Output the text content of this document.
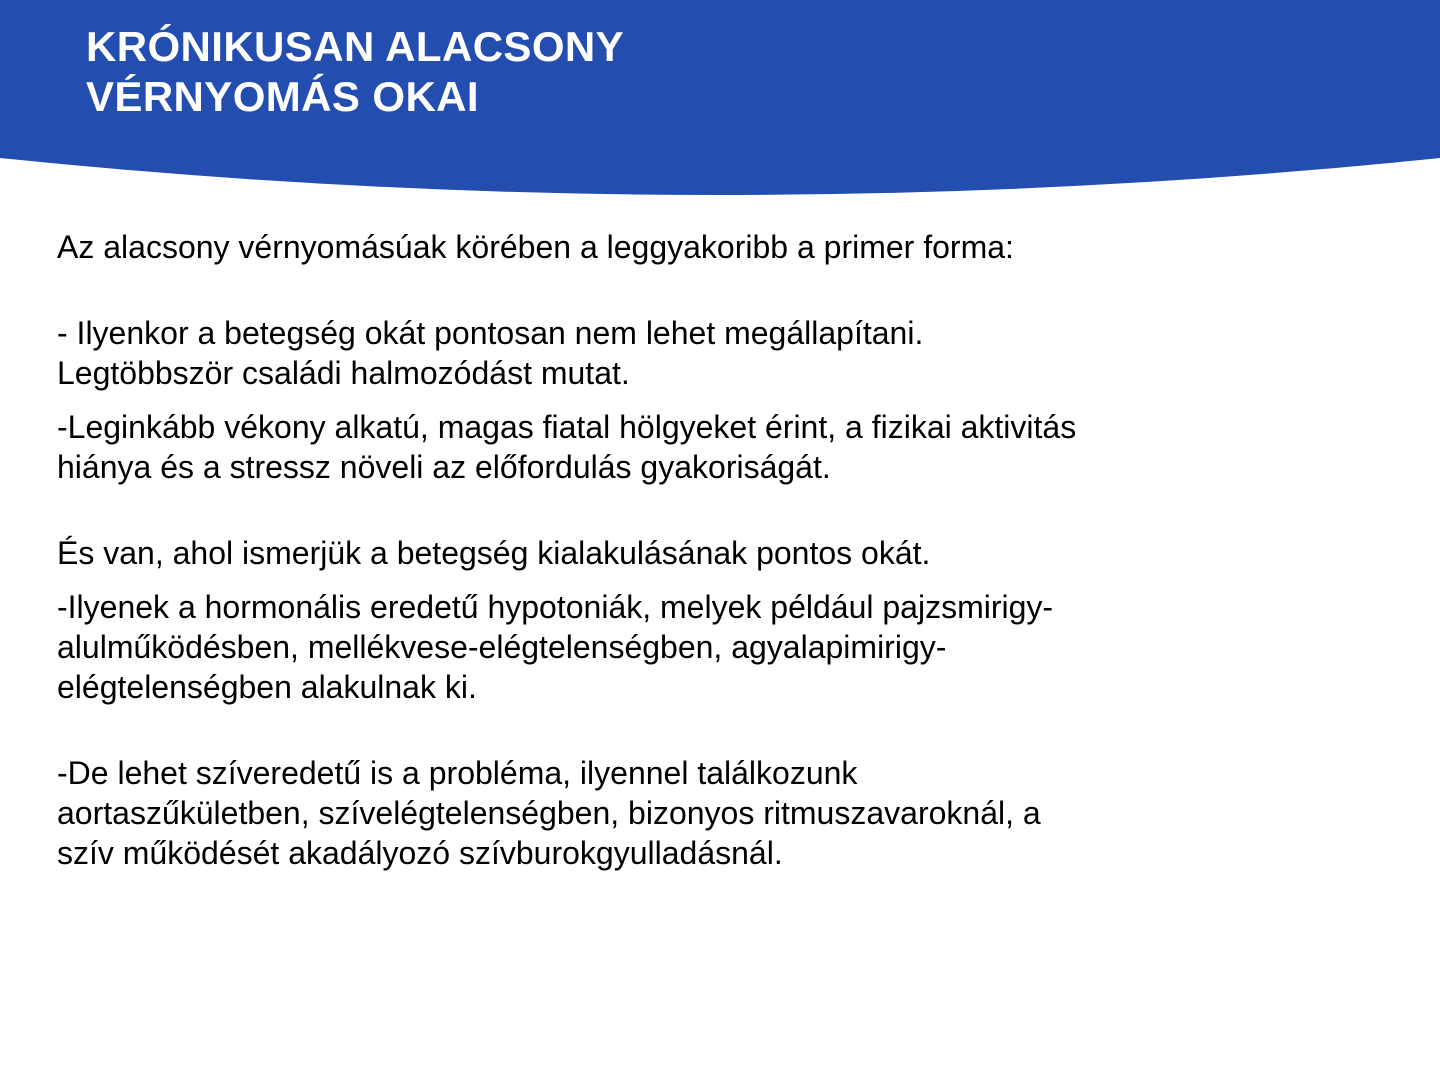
KRÓNIKUSAN ALACSONY
VÉRNYOMÁS OKAI

Az alacsony vérnyomásúak körében a leggyakoribb a primer forma:

- Ilyenkor a betegség okát pontosan nem lehet megállapítani.
Legtöbbször családi halmozódást mutat.

-Leginkább vékony alkatú, magas fiatal hölgyeket érint, a fizikai aktivitás
hiánya és a stressz növeli az előfordulás gyakoriságát.

És van, ahol ismerjük a betegség kialakulásának pontos okát.

-Ilyenek a hormonális eredetű hypotoniák, melyek például pajzsmirigy-
alulműködésben, mellékvese-elégtelenségben, agyalapimirigy-
elégtelenségben alakulnak ki.

-De lehet szíveredetű is a probléma, ilyennel találkozunk
aortaszűkületben, szívelégtelenségben, bizonyos ritmuszavaroknál, a
szív működését akadályozó szívburokgyulladásnál.
